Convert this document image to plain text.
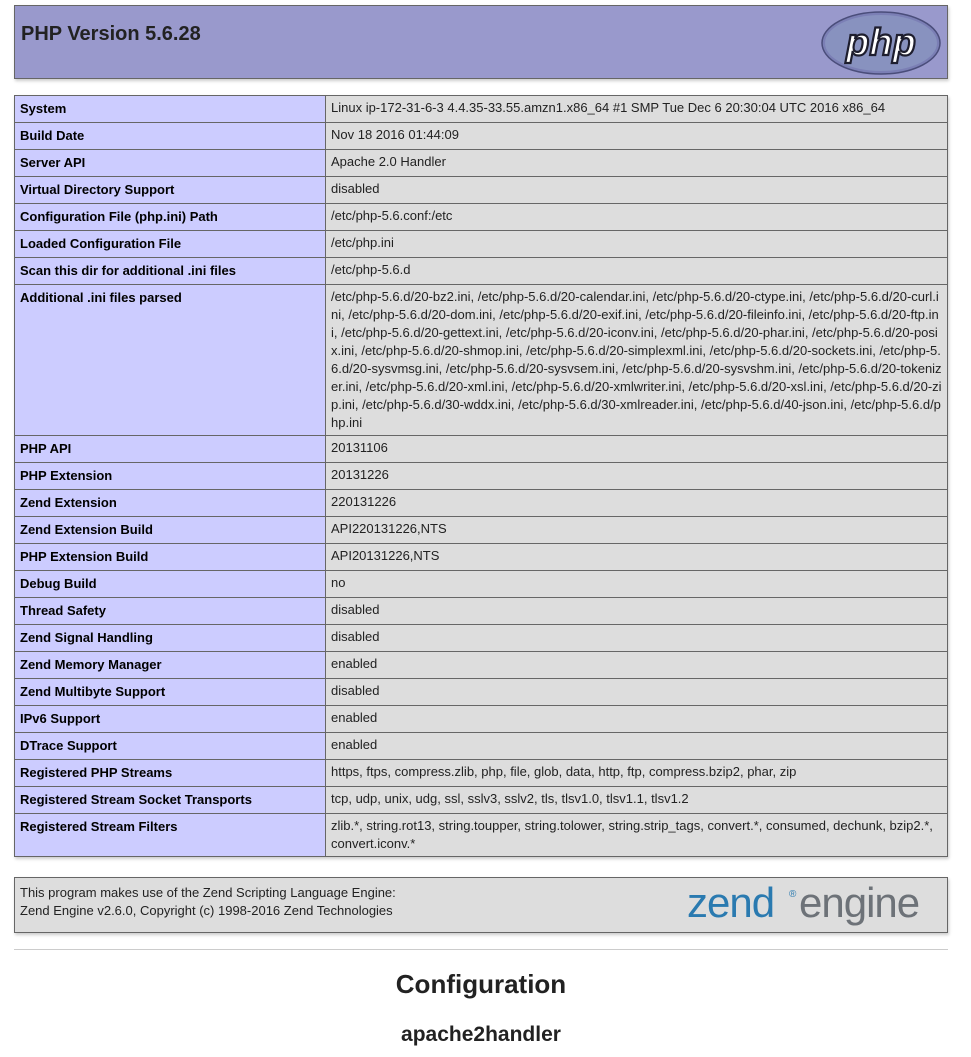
PHP Version 5.6.28	php
System	Linux ip-172-31-6-3 4.4.35-33.55.amzn1.x86_64 #1 SMP Tue Dec 6 20:30:04 UTC 2016 x86_64
Build Date	Nov 18 2016 01:44:09
Server API	Apache 2.0 Handler
Virtual Directory Support	disabled
Configuration File (php.ini) Path	/etc/php-5.6.conf:/etc
Loaded Configuration File	/etc/php.ini
Scan this dir for additional .ini files	/etc/php-5.6.d
Additional .ini files parsed	/etc/php-5.6.d/20-bz2.ini, /etc/php-5.6.d/20-calendar.ini, /etc/php-5.6.d/20-ctype.ini, /etc/php-5.6.d/20-curl.ini, /etc/php-5.6.d/20-dom.ini, /etc/php-5.6.d/20-exif.ini, /etc/php-5.6.d/20-fileinfo.ini, /etc/php-5.6.d/20-ftp.ini, /etc/php-5.6.d/20-gettext.ini, /etc/php-5.6.d/20-iconv.ini, /etc/php-5.6.d/20-phar.ini, /etc/php-5.6.d/20-posix.ini, /etc/php-5.6.d/20-shmop.ini, /etc/php-5.6.d/20-simplexml.ini, /etc/php-5.6.d/20-sockets.ini, /etc/php-5.6.d/20-sysvmsg.ini, /etc/php-5.6.d/20-sysvsem.ini, /etc/php-5.6.d/20-sysvshm.ini, /etc/php-5.6.d/20-tokenizer.ini, /etc/php-5.6.d/20-xml.ini, /etc/php-5.6.d/20-xmlwriter.ini, /etc/php-5.6.d/20-xsl.ini, /etc/php-5.6.d/20-zip.ini, /etc/php-5.6.d/30-wddx.ini, /etc/php-5.6.d/30-xmlreader.ini, /etc/php-5.6.d/40-json.ini, /etc/php-5.6.d/php.ini
PHP API	20131106
PHP Extension	20131226
Zend Extension	220131226
Zend Extension Build	API220131226,NTS
PHP Extension Build	API20131226,NTS
Debug Build	no
Thread Safety	disabled
Zend Signal Handling	disabled
Zend Memory Manager	enabled
Zend Multibyte Support	disabled
IPv6 Support	enabled
DTrace Support	enabled
Registered PHP Streams	https, ftps, compress.zlib, php, file, glob, data, http, ftp, compress.bzip2, phar, zip
Registered Stream Socket Transports	tcp, udp, unix, udg, ssl, sslv3, sslv2, tls, tlsv1.0, tlsv1.1, tlsv1.2
Registered Stream Filters	zlib.*, string.rot13, string.toupper, string.tolower, string.strip_tags, convert.*, consumed, dechunk, bzip2.*, convert.iconv.*
This program makes use of the Zend Scripting Language Engine:
Zend Engine v2.6.0, Copyright (c) 1998-2016 Zend Technologies	zend ® engine
Configuration
apache2handler
